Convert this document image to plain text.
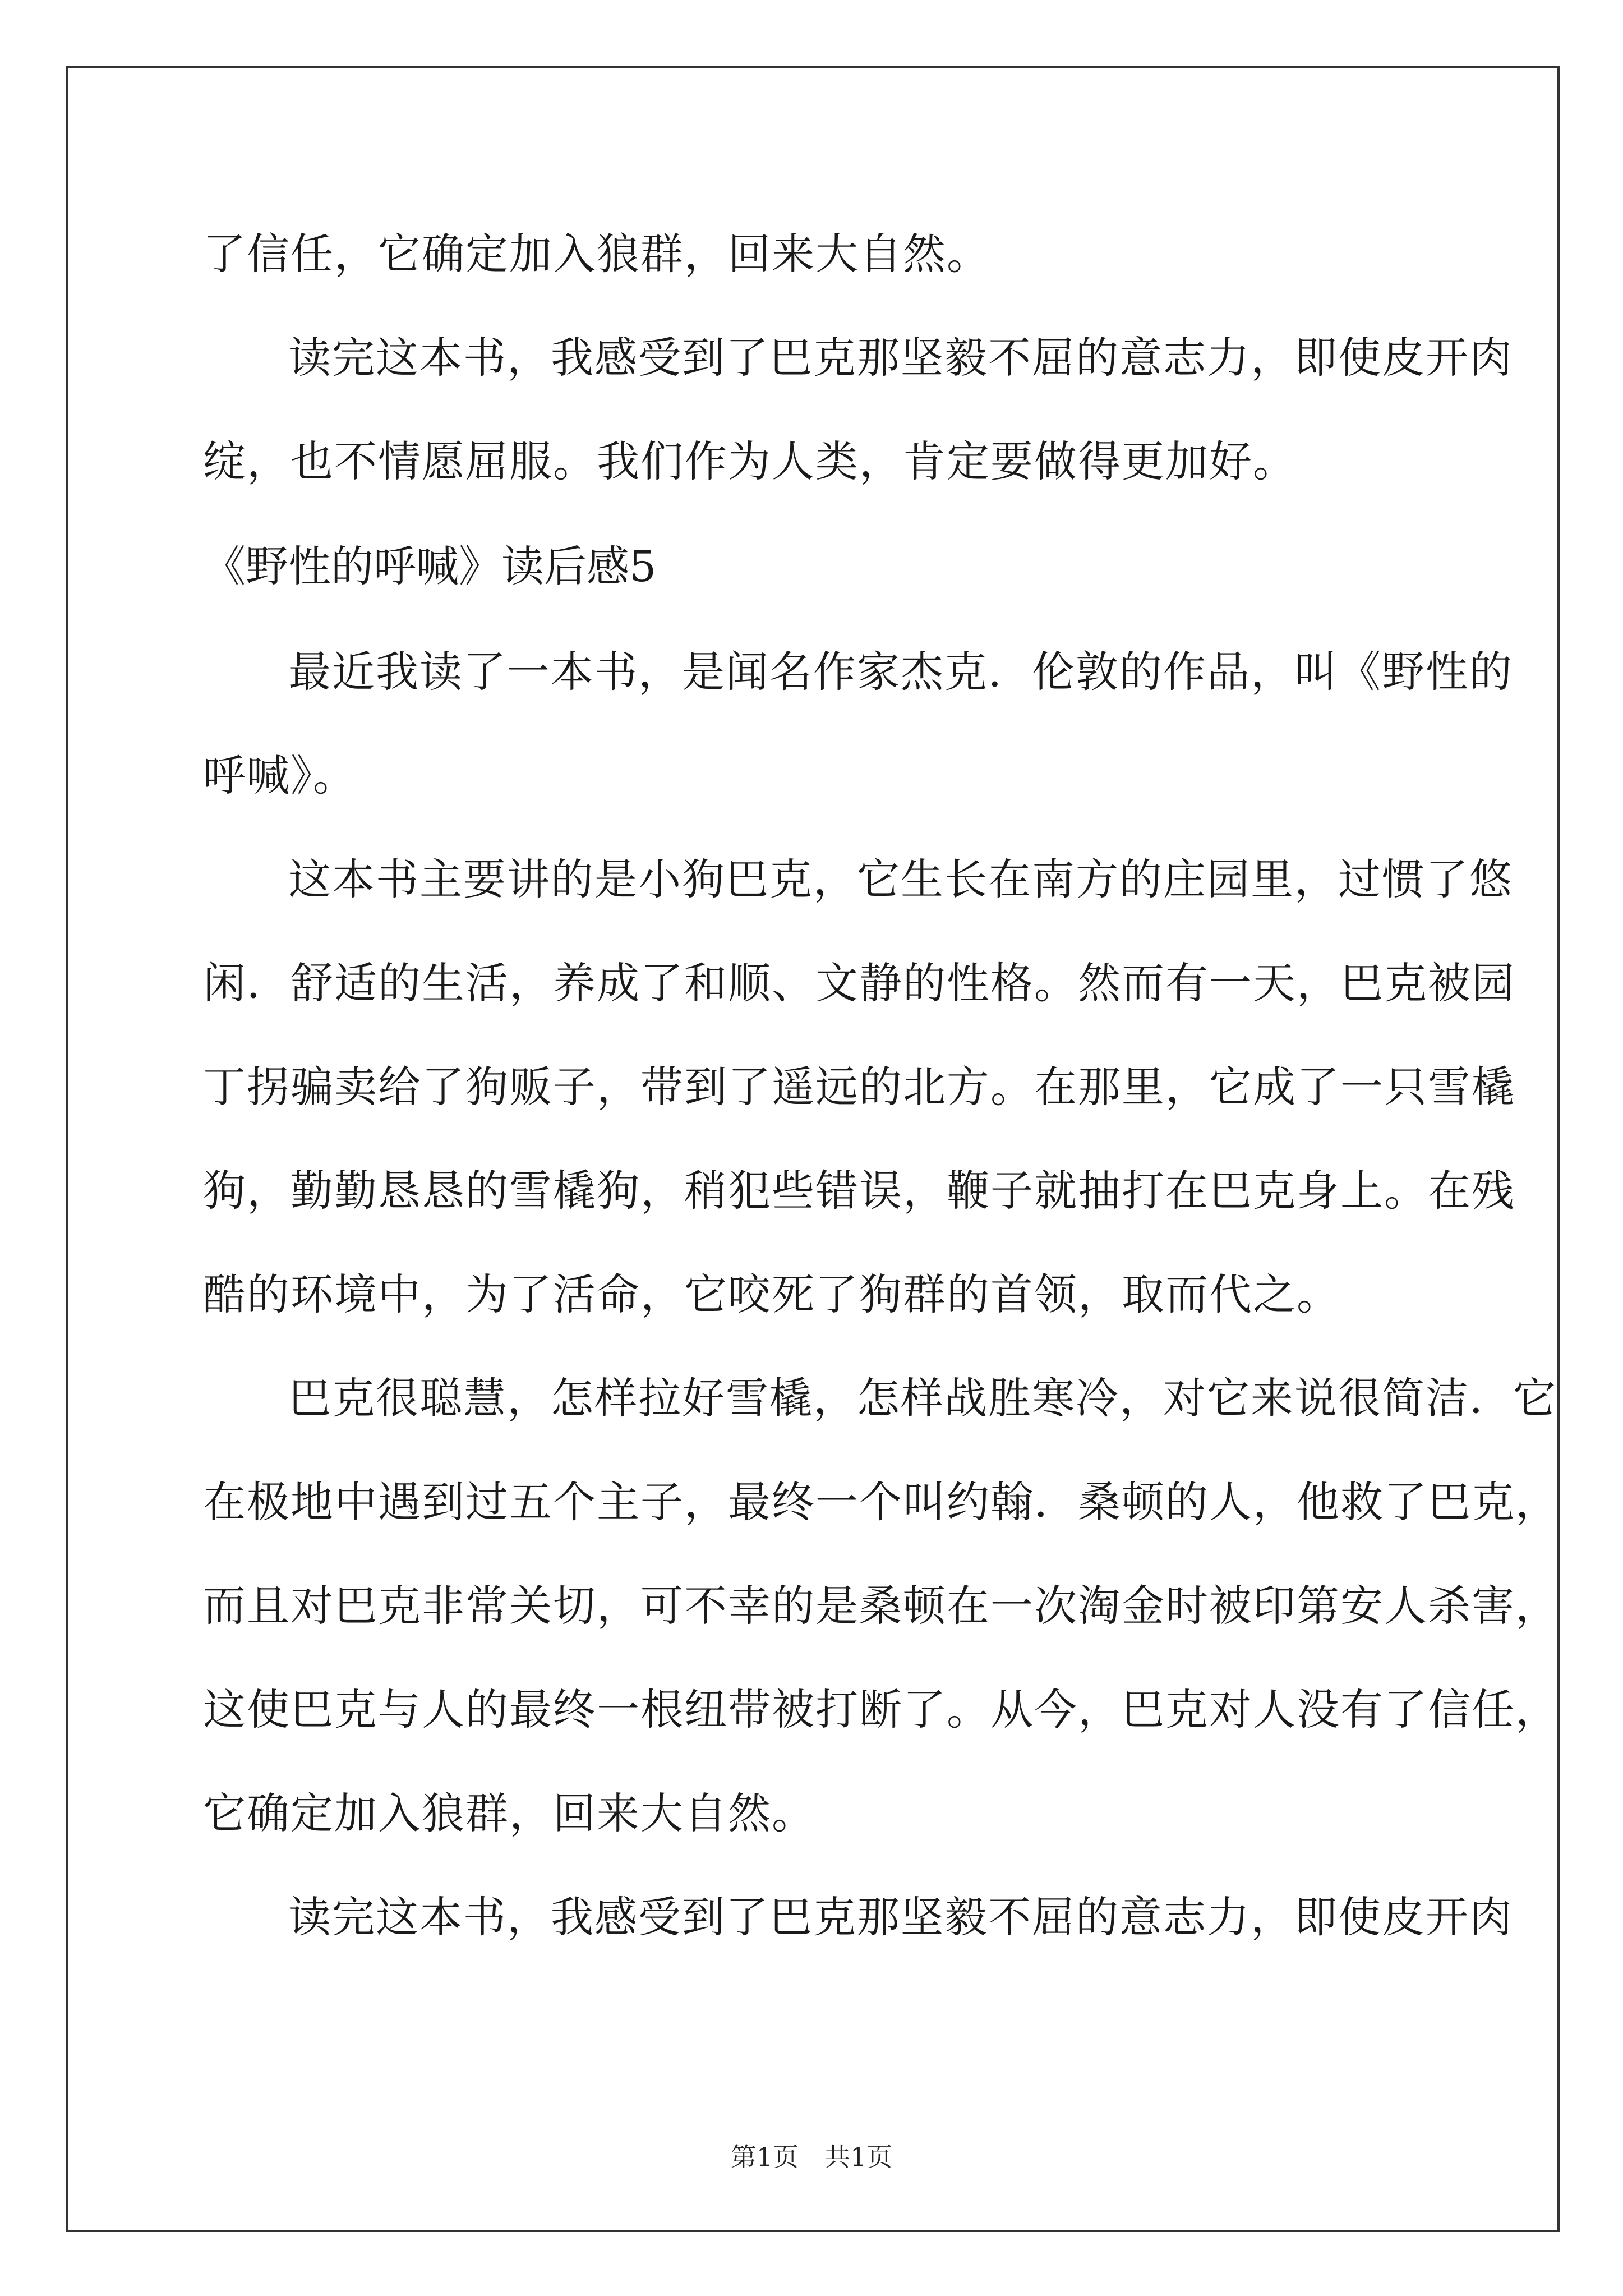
了信任，它确定加入狼群，回来大自然。
读完这本书，我感受到了巴克那坚毅不屈的意志力，即使皮开肉
绽，也不情愿屈服。我们作为人类，肯定要做得更加好。
《野性的呼喊》读后感5
最近我读了一本书，是闻名作家杰克．伦敦的作品，叫《野性的
呼喊》。
这本书主要讲的是小狗巴克，它生长在南方的庄园里，过惯了悠
闲．舒适的生活，养成了和顺、文静的性格。然而有一天，巴克被园
丁拐骗卖给了狗贩子，带到了遥远的北方。在那里，它成了一只雪橇
狗，勤勤恳恳的雪橇狗，稍犯些错误，鞭子就抽打在巴克身上。在残
酷的环境中，为了活命，它咬死了狗群的首领，取而代之。
巴克很聪慧，怎样拉好雪橇，怎样战胜寒冷，对它来说很简洁．它
在极地中遇到过五个主子，最终一个叫约翰．桑顿的人，他救了巴克，
而且对巴克非常关切，可不幸的是桑顿在一次淘金时被印第安人杀害，
这使巴克与人的最终一根纽带被打断了。从今，巴克对人没有了信任，
它确定加入狼群，回来大自然。
读完这本书，我感受到了巴克那坚毅不屈的意志力，即使皮开肉
第1页　共1页
